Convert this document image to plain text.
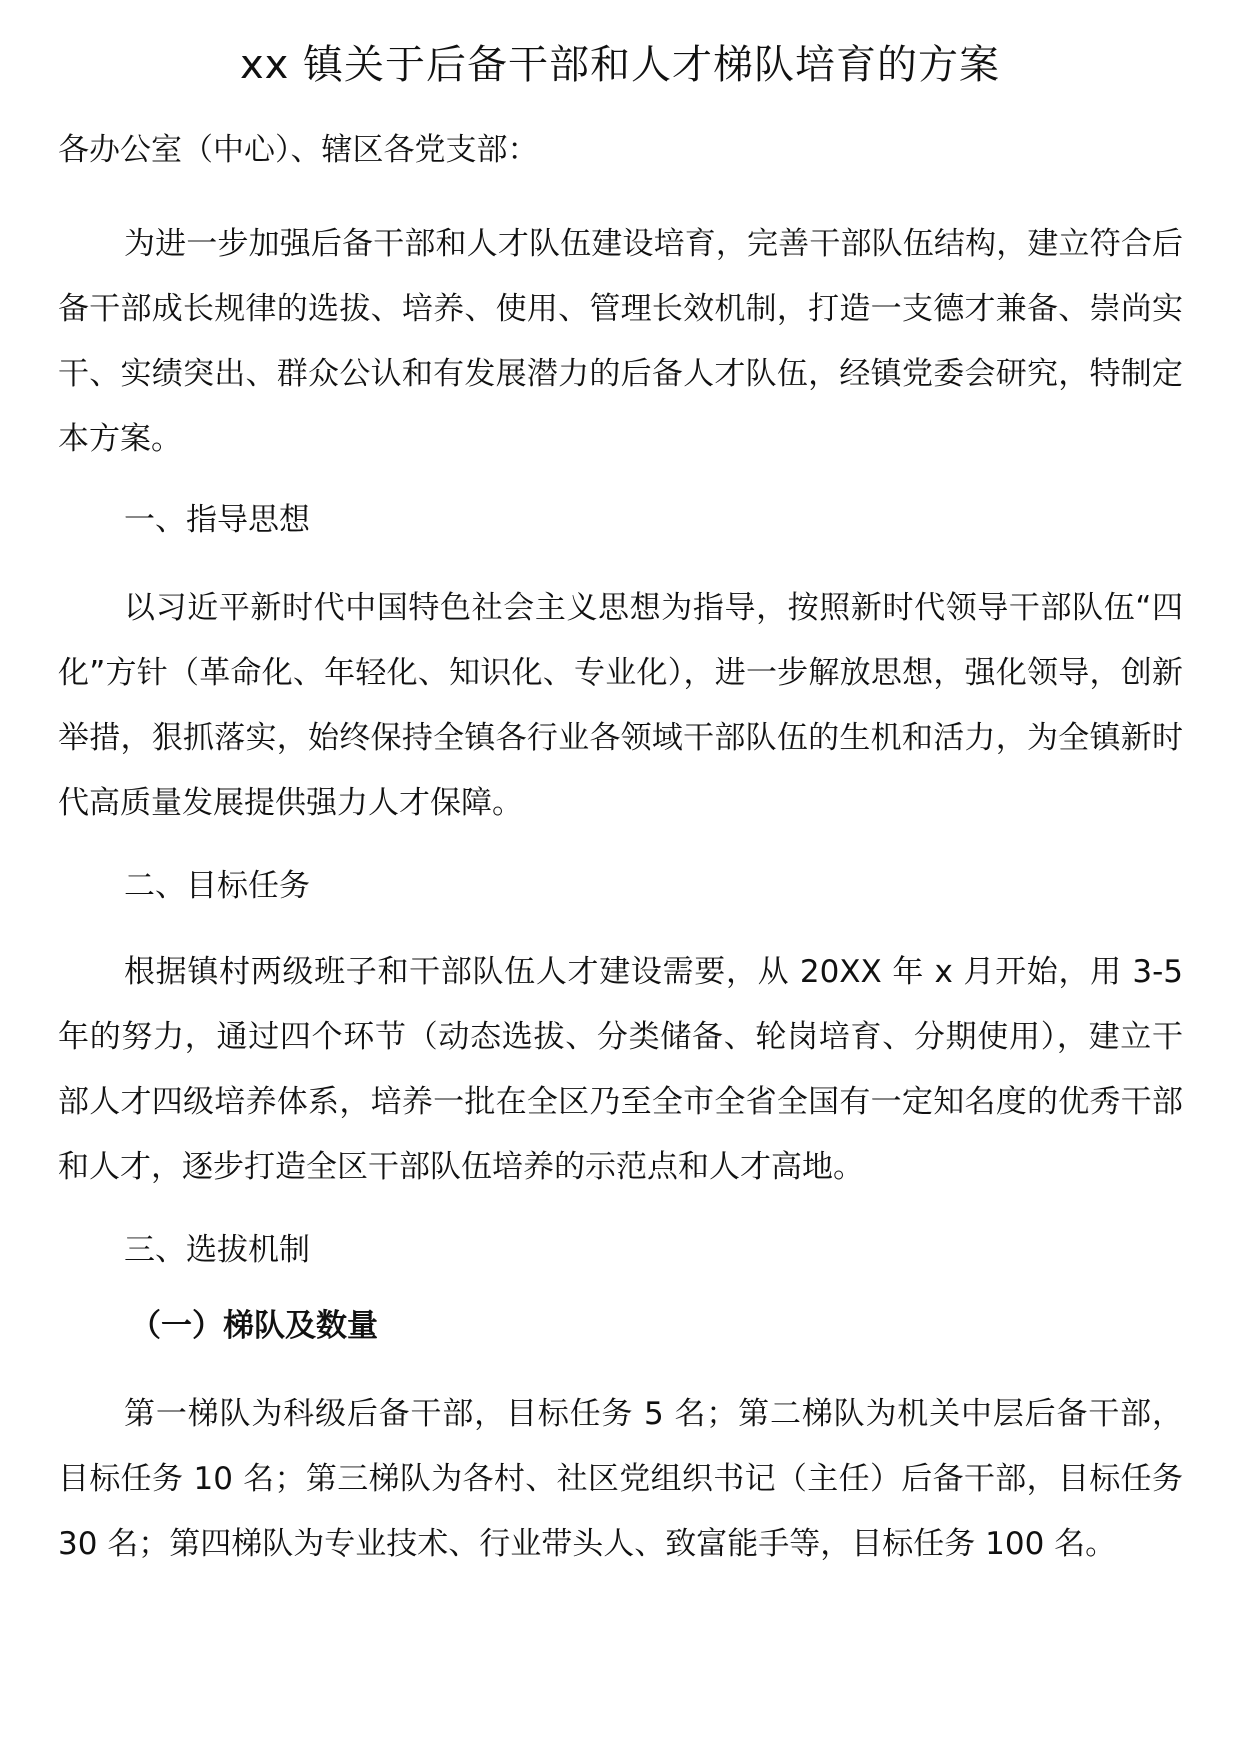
xx 镇关于后备干部和人才梯队培育的方案

各办公室（中心）、辖区各党支部：

为进一步加强后备干部和人才队伍建设培育，完善干部队伍结构，建立符合后备干部成长规律的选拔、培养、使用、管理长效机制，打造一支德才兼备、崇尚实干、实绩突出、群众公认和有发展潜力的后备人才队伍，经镇党委会研究，特制定本方案。

一、指导思想

以习近平新时代中国特色社会主义思想为指导，按照新时代领导干部队伍“四化”方针（革命化、年轻化、知识化、专业化），进一步解放思想，强化领导，创新举措，狠抓落实，始终保持全镇各行业各领域干部队伍的生机和活力，为全镇新时代高质量发展提供强力人才保障。

二、目标任务

根据镇村两级班子和干部队伍人才建设需要，从 20XX 年 x 月开始，用 3-5 年的努力，通过四个环节（动态选拔、分类储备、轮岗培育、分期使用），建立干部人才四级培养体系，培养一批在全区乃至全市全省全国有一定知名度的优秀干部和人才，逐步打造全区干部队伍培养的示范点和人才高地。

三、选拔机制
（一）梯队及数量

第一梯队为科级后备干部，目标任务 5 名；第二梯队为机关中层后备干部，目标任务 10 名；第三梯队为各村、社区党组织书记（主任）后备干部，目标任务 30 名；第四梯队为专业技术、行业带头人、致富能手等，目标任务 100 名。
